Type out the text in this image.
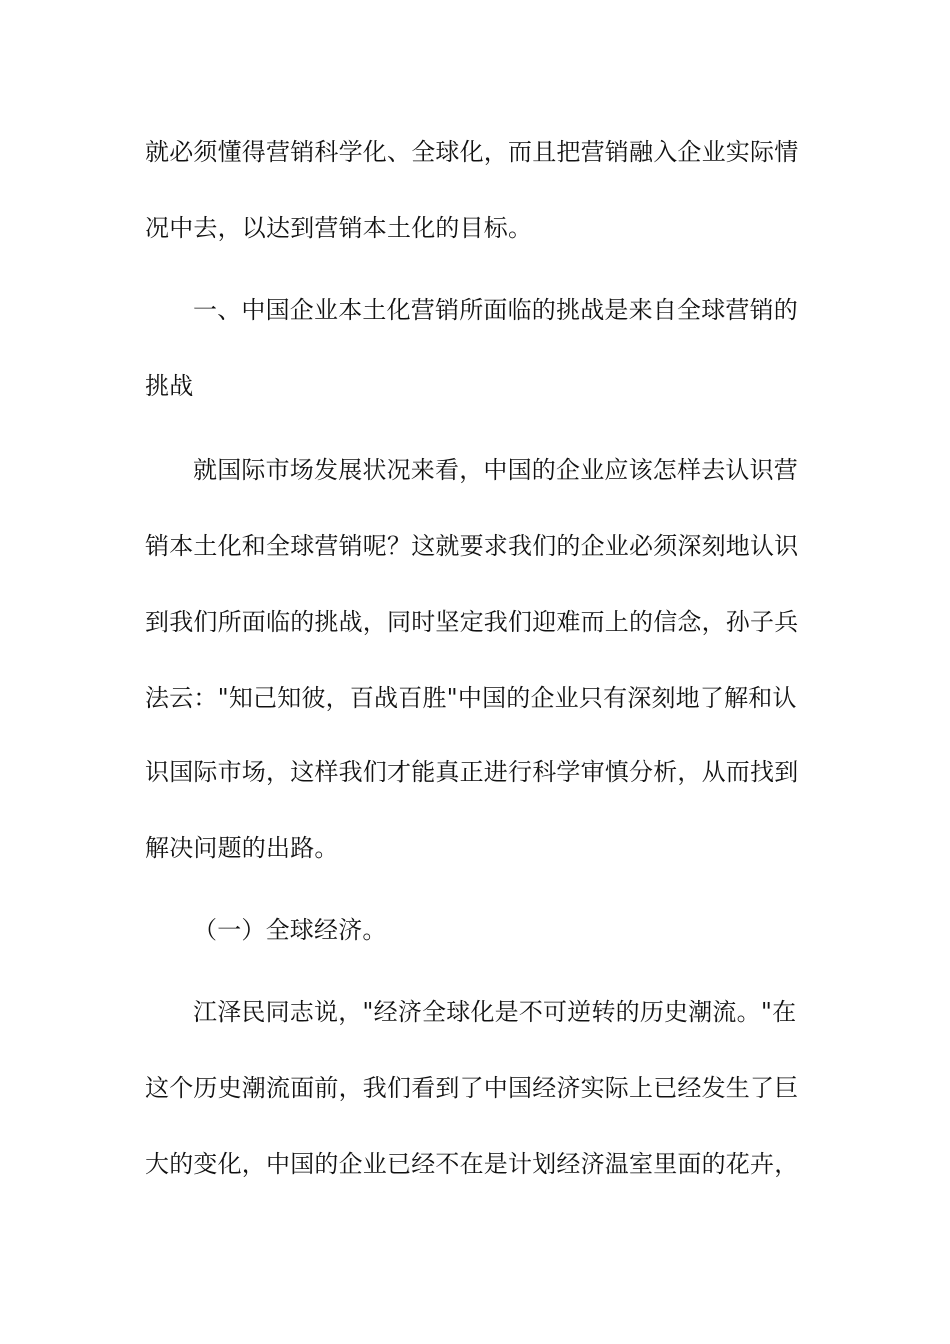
就必须懂得营销科学化、全球化，而且把营销融入企业实际情
况中去，以达到营销本土化的目标。
一、中国企业本土化营销所面临的挑战是来自全球营销的
挑战
就国际市场发展状况来看，中国的企业应该怎样去认识营
销本土化和全球营销呢？这就要求我们的企业必须深刻地认识
到我们所面临的挑战，同时坚定我们迎难而上的信念，孙子兵
法云："知己知彼，百战百胜"中国的企业只有深刻地了解和认
识国际市场，这样我们才能真正进行科学审慎分析，从而找到
解决问题的出路。
（一）全球经济。
江泽民同志说，"经济全球化是不可逆转的历史潮流。"在
这个历史潮流面前，我们看到了中国经济实际上已经发生了巨
大的变化，中国的企业已经不在是计划经济温室里面的花卉，
